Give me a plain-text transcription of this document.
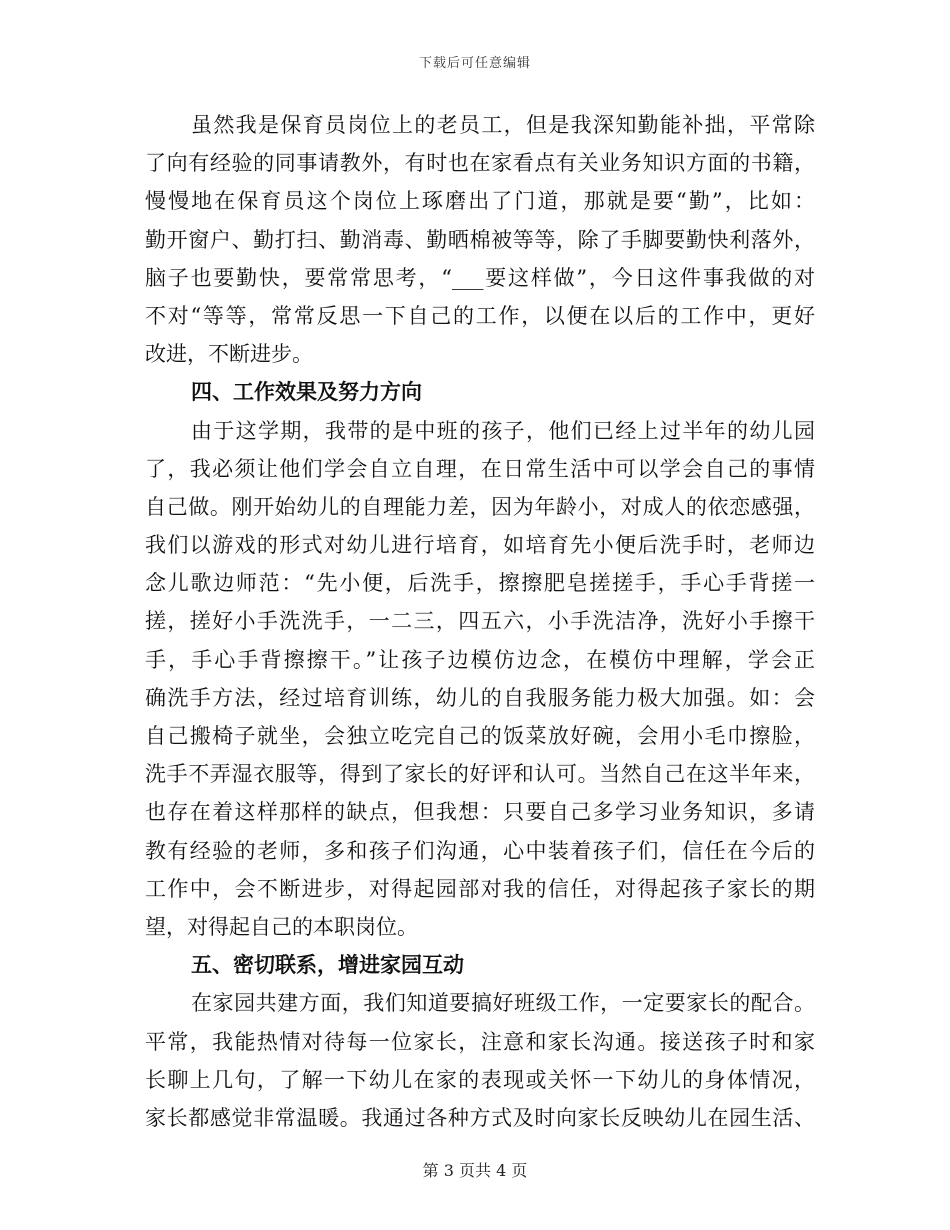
下载后可任意编辑
虽然我是保育员岗位上的老员工，但是我深知勤能补拙，平常除
了向有经验的同事请教外，有时也在家看点有关业务知识方面的书籍，
慢慢地在保育员这个岗位上琢磨出了门道，那就是要“勤”，比如：
勤开窗户、勤打扫、勤消毒、勤晒棉被等等，除了手脚要勤快利落外，
脑子也要勤快，要常常思考，“___要这样做”，今日这件事我做的对
不对“等等，常常反思一下自己的工作，以便在以后的工作中，更好
改进，不断进步。
四、工作效果及努力方向
由于这学期，我带的是中班的孩子，他们已经上过半年的幼儿园
了，我必须让他们学会自立自理，在日常生活中可以学会自己的事情
自己做。刚开始幼儿的自理能力差，因为年龄小，对成人的依恋感强，
我们以游戏的形式对幼儿进行培育，如培育先小便后洗手时，老师边
念儿歌边师范：“先小便，后洗手，擦擦肥皂搓搓手，手心手背搓一
搓，搓好小手洗洗手，一二三，四五六，小手洗洁净，洗好小手擦干
手，手心手背擦擦干。”让孩子边模仿边念，在模仿中理解，学会正
确洗手方法，经过培育训练，幼儿的自我服务能力极大加强。如：会
自己搬椅子就坐，会独立吃完自己的饭菜放好碗，会用小毛巾擦脸，
洗手不弄湿衣服等，得到了家长的好评和认可。当然自己在这半年来，
也存在着这样那样的缺点，但我想：只要自己多学习业务知识，多请
教有经验的老师，多和孩子们沟通，心中装着孩子们，信任在今后的
工作中，会不断进步，对得起园部对我的信任，对得起孩子家长的期
望，对得起自己的本职岗位。
五、密切联系，增进家园互动
在家园共建方面，我们知道要搞好班级工作，一定要家长的配合。
平常，我能热情对待每一位家长，注意和家长沟通。接送孩子时和家
长聊上几句，了解一下幼儿在家的表现或关怀一下幼儿的身体情况，
家长都感觉非常温暖。我通过各种方式及时向家长反映幼儿在园生活、
第 3 页共 4 页
